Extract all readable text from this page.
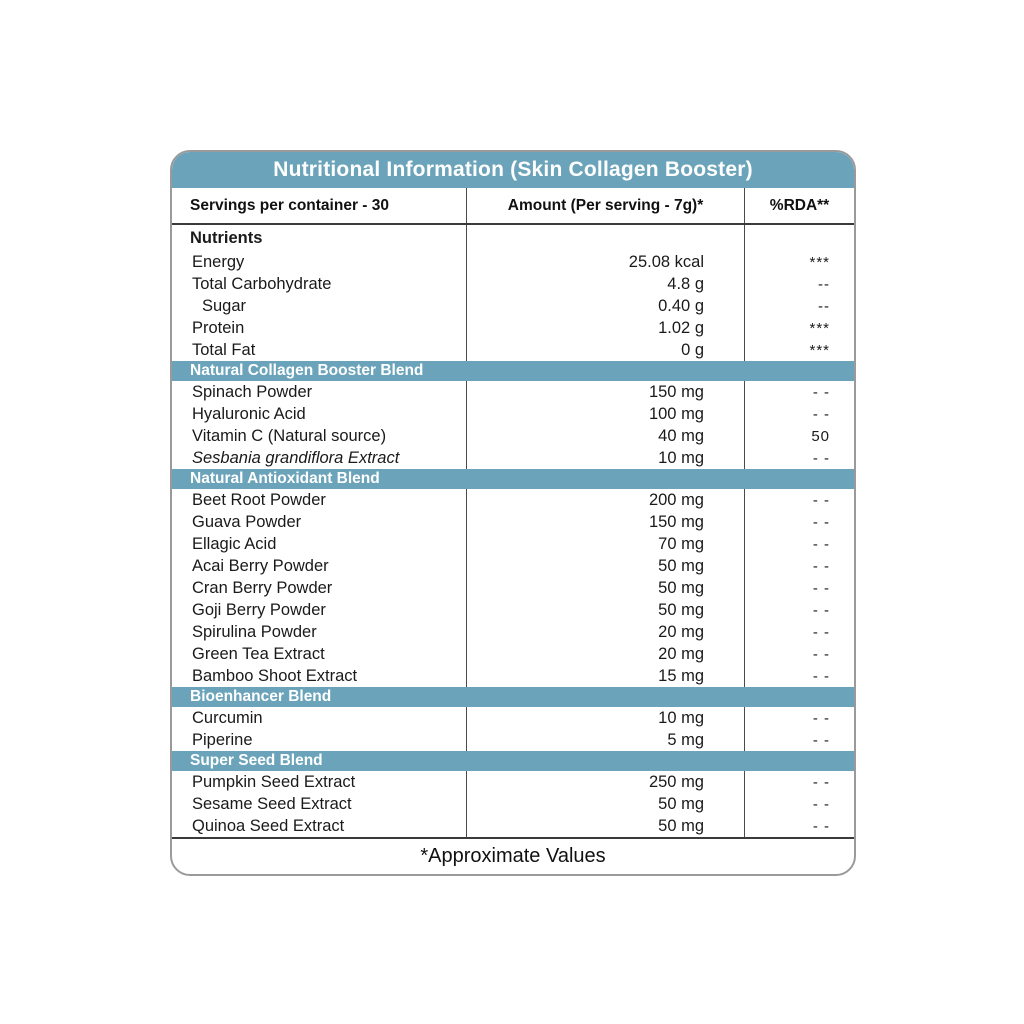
Nutritional Information (Skin Collagen Booster)
Servings per container - 30	Amount (Per serving - 7g)*	%RDA**
Nutrients
Energy	25.08 kcal	***
Total Carbohydrate	4.8 g	--
Sugar	0.40 g	--
Protein	1.02 g	***
Total Fat	0 g	***
Natural Collagen Booster Blend
Spinach Powder	150 mg	- -
Hyaluronic Acid	100 mg	- -
Vitamin C (Natural source)	40 mg	50
Sesbania grandiflora Extract	10 mg	- -
Natural Antioxidant Blend
Beet Root Powder	200 mg	- -
Guava Powder	150 mg	- -
Ellagic Acid	70 mg	- -
Acai Berry Powder	50 mg	- -
Cran Berry Powder	50 mg	- -
Goji Berry Powder	50 mg	- -
Spirulina Powder	20 mg	- -
Green Tea Extract	20 mg	- -
Bamboo Shoot Extract	15 mg	- -
Bioenhancer Blend
Curcumin	10 mg	- -
Piperine	5 mg	- -
Super Seed Blend
Pumpkin Seed Extract	250 mg	- -
Sesame Seed Extract	50 mg	- -
Quinoa Seed Extract	50 mg	- -
*Approximate Values
